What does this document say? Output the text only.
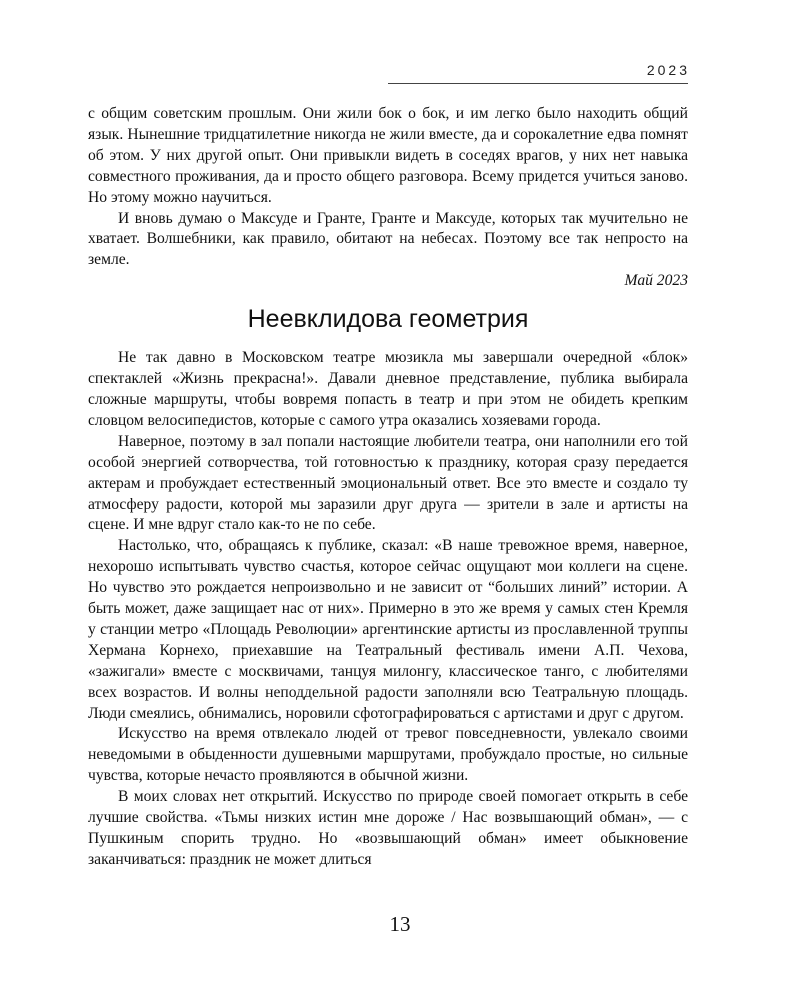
2023

с общим советским прошлым. Они жили бок о бок, и им легко было находить общий язык. Нынешние тридцатилетние никогда не жили вместе, да и сорокалетние едва помнят об этом. У них другой опыт. Они привыкли видеть в соседях врагов, у них нет навыка совместного проживания, да и просто общего разговора. Всему придется учиться заново. Но этому можно научиться.

И вновь думаю о Максуде и Гранте, Гранте и Максуде, которых так мучительно не хватает. Волшебники, как правило, обитают на небесах. Поэтому все так непросто на земле.

Май 2023

Неевклидова геометрия

Не так давно в Московском театре мюзикла мы завершали очередной «блок» спектаклей «Жизнь прекрасна!». Давали дневное представление, публика выбирала сложные маршруты, чтобы вовремя попасть в театр и при этом не обидеть крепким словцом велосипедистов, которые с самого утра оказались хозяевами города.

Наверное, поэтому в зал попали настоящие любители театра, они наполнили его той особой энергией сотворчества, той готовностью к празднику, которая сразу передается актерам и пробуждает естественный эмоциональный ответ. Все это вместе и создало ту атмосферу радости, которой мы заразили друг друга — зрители в зале и артисты на сцене. И мне вдруг стало как-то не по себе.

Настолько, что, обращаясь к публике, сказал: «В наше тревожное время, наверное, нехорошо испытывать чувство счастья, которое сейчас ощущают мои коллеги на сцене. Но чувство это рождается непроизвольно и не зависит от “больших линий” истории. А быть может, даже защищает нас от них». Примерно в это же время у самых стен Кремля у станции метро «Площадь Революции» аргентинские артисты из прославленной труппы Хермана Корнехо, приехавшие на Театральный фестиваль имени А.П. Чехова, «зажигали» вместе с москвичами, танцуя милонгу, классическое танго, с любителями всех возрастов. И волны неподдельной радости заполняли всю Театральную площадь. Люди смеялись, обнимались, норовили сфотографироваться с артистами и друг с другом.

Искусство на время отвлекало людей от тревог повседневности, увлекало своими неведомыми в обыденности душевными маршрутами, пробуждало простые, но сильные чувства, которые нечасто проявляются в обычной жизни.

В моих словах нет открытий. Искусство по природе своей помогает открыть в себе лучшие свойства. «Тьмы низких истин мне дороже / Нас возвышающий обман», — с Пушкиным спорить трудно. Но «возвышающий обман» имеет обыкновение заканчиваться: праздник не может длиться

13
